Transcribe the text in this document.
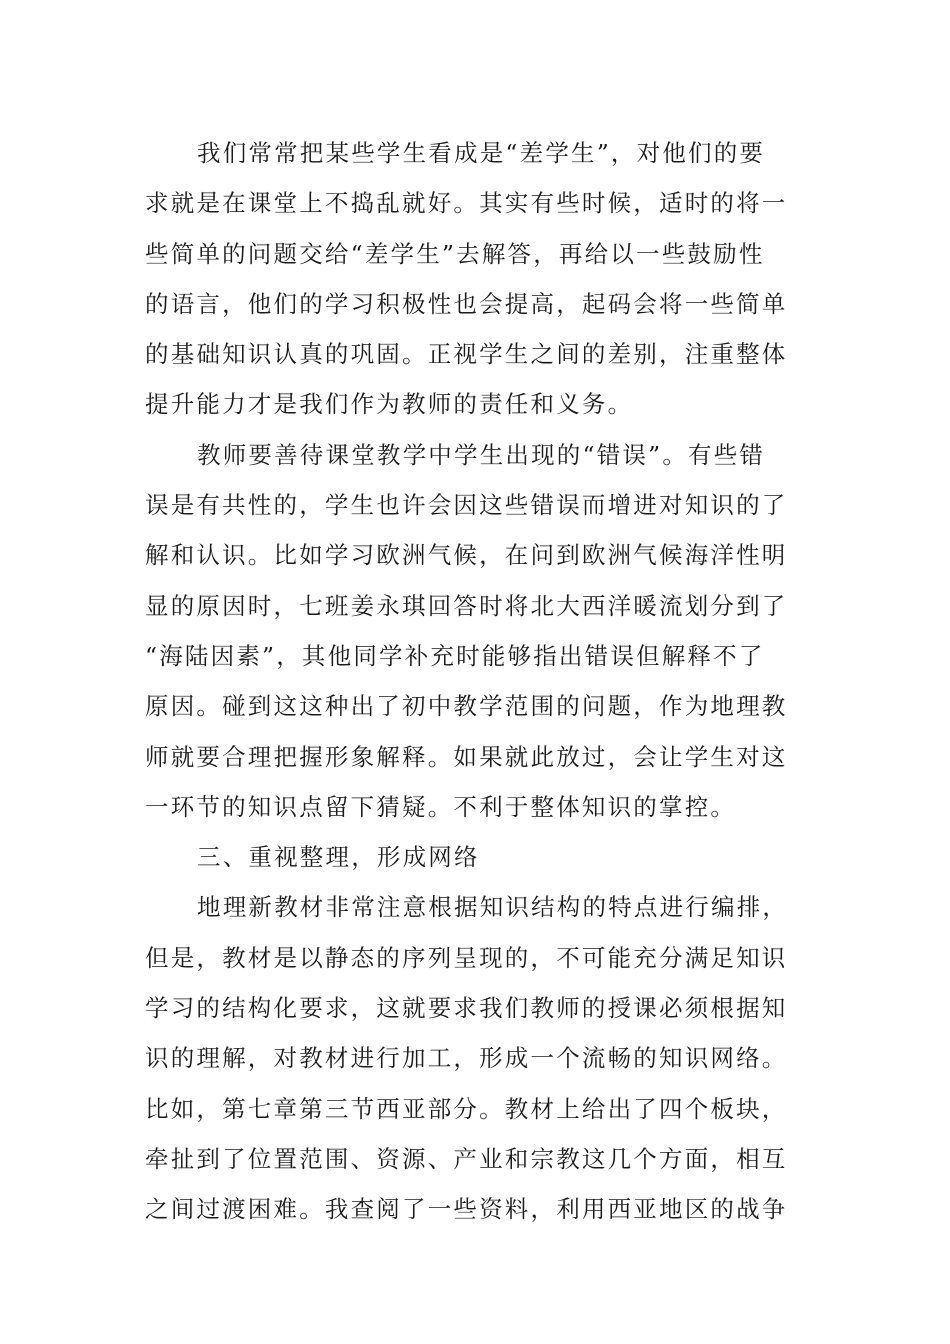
我们常常把某些学生看成是“差学生”，对他们的要
求就是在课堂上不捣乱就好。其实有些时候，适时的将一
些简单的问题交给“差学生”去解答，再给以一些鼓励性
的语言，他们的学习积极性也会提高，起码会将一些简单
的基础知识认真的巩固。正视学生之间的差别，注重整体
提升能力才是我们作为教师的责任和义务。
教师要善待课堂教学中学生出现的“错误”。有些错
误是有共性的，学生也许会因这些错误而增进对知识的了
解和认识。比如学习欧洲气候，在问到欧洲气候海洋性明
显的原因时，七班姜永琪回答时将北大西洋暖流划分到了
“海陆因素”，其他同学补充时能够指出错误但解释不了
原因。碰到这这种出了初中教学范围的问题，作为地理教
师就要合理把握形象解释。如果就此放过，会让学生对这
一环节的知识点留下猜疑。不利于整体知识的掌控。
三、重视整理，形成网络
地理新教材非常注意根据知识结构的特点进行编排，
但是，教材是以静态的序列呈现的，不可能充分满足知识
学习的结构化要求，这就要求我们教师的授课必须根据知
识的理解，对教材进行加工，形成一个流畅的知识网络。
比如，第七章第三节西亚部分。教材上给出了四个板块，
牵扯到了位置范围、资源、产业和宗教这几个方面，相互
之间过渡困难。我查阅了一些资料，利用西亚地区的战争
